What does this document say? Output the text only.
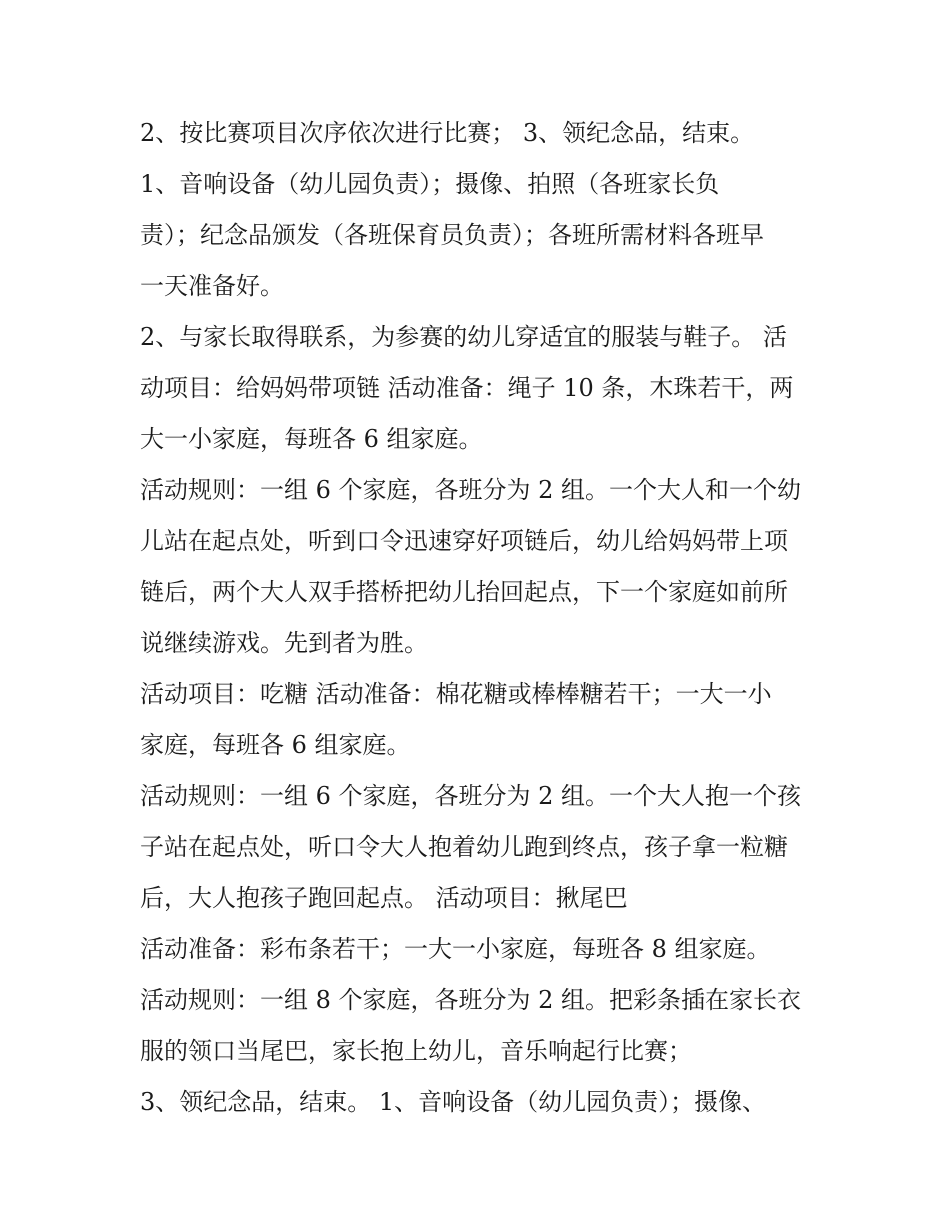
2、按比赛项目次序依次进行比赛； 3、领纪念品，结束。
1、音响设备（幼儿园负责）；摄像、拍照（各班家长负
责）；纪念品颁发（各班保育员负责）；各班所需材料各班早
一天准备好。
2、与家长取得联系，为参赛的幼儿穿适宜的服装与鞋子。 活
动项目：给妈妈带项链 活动准备：绳子 10 条，木珠若干，两
大一小家庭，每班各 6 组家庭。
活动规则：一组 6 个家庭，各班分为 2 组。一个大人和一个幼
儿站在起点处，听到口令迅速穿好项链后，幼儿给妈妈带上项
链后，两个大人双手搭桥把幼儿抬回起点，下一个家庭如前所
说继续游戏。先到者为胜。
活动项目：吃糖 活动准备：棉花糖或棒棒糖若干；一大一小
家庭，每班各 6 组家庭。
活动规则：一组 6 个家庭，各班分为 2 组。一个大人抱一个孩
子站在起点处，听口令大人抱着幼儿跑到终点，孩子拿一粒糖
后，大人抱孩子跑回起点。 活动项目：揪尾巴
活动准备：彩布条若干；一大一小家庭，每班各 8 组家庭。
活动规则：一组 8 个家庭，各班分为 2 组。把彩条插在家长衣
服的领口当尾巴，家长抱上幼儿，音乐响起行比赛；
3、领纪念品，结束。 1、音响设备（幼儿园负责）；摄像、
